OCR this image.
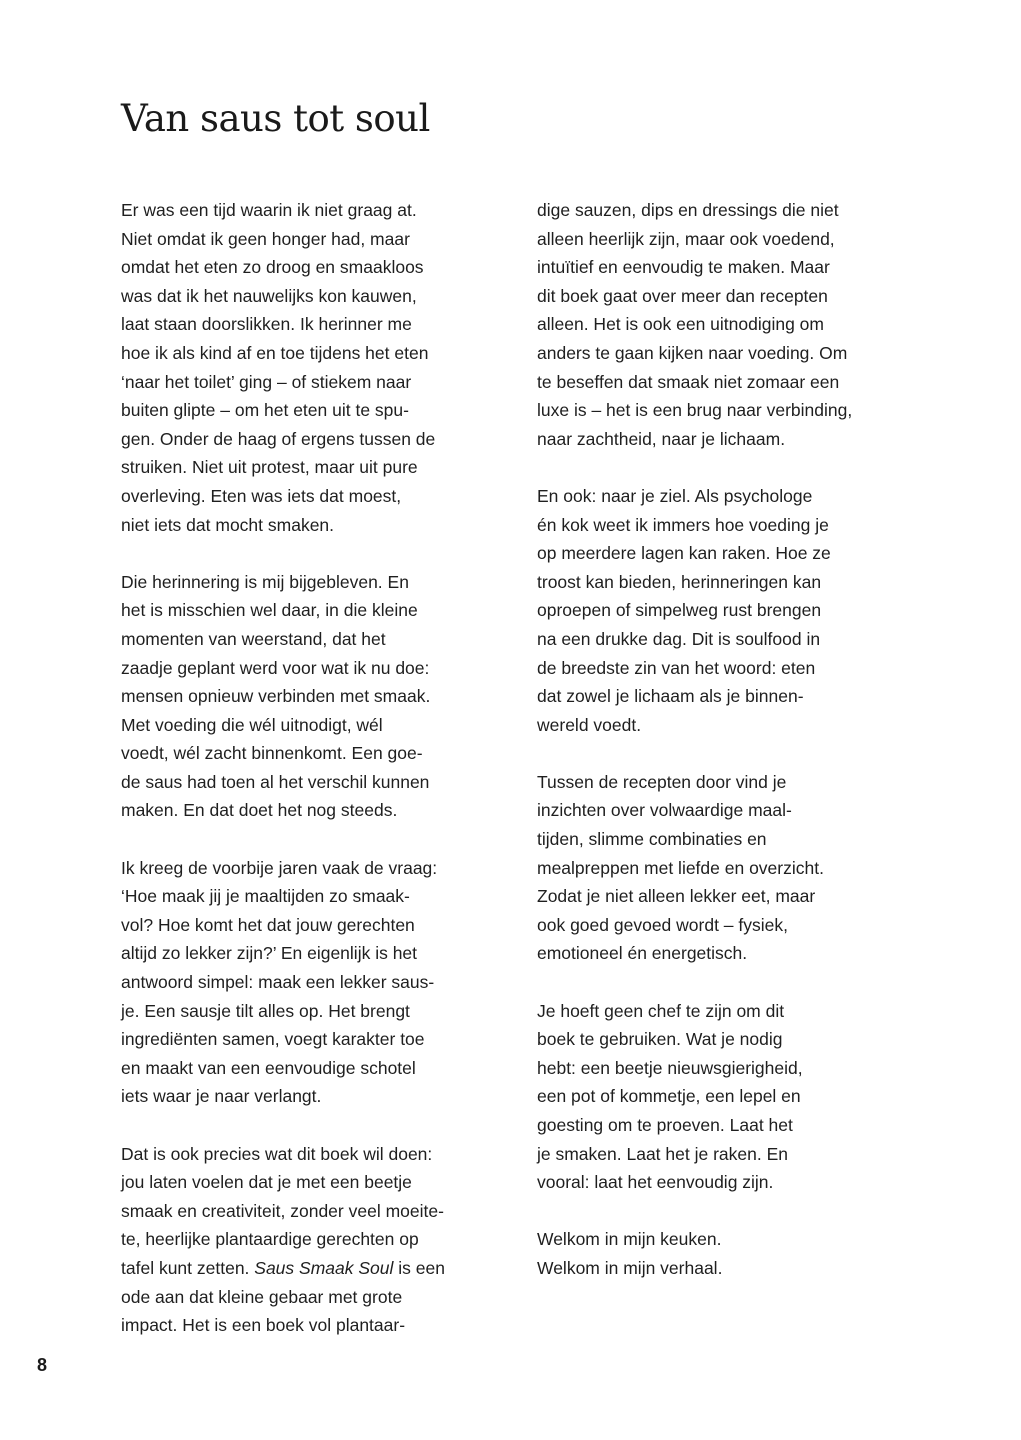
Van saus tot soul
Er was een tijd waarin ik niet graag at.
Niet omdat ik geen honger had, maar
omdat het eten zo droog en smaakloos
was dat ik het nauwelijks kon kauwen,
laat staan doorslikken. Ik herinner me
hoe ik als kind af en toe tijdens het eten
‘naar het toilet’ ging – of stiekem naar
buiten glipte – om het eten uit te spu-
gen. Onder de haag of ergens tussen de
struiken. Niet uit protest, maar uit pure
overleving. Eten was iets dat moest,
niet iets dat mocht smaken.
Die herinnering is mij bijgebleven. En
het is misschien wel daar, in die kleine
momenten van weerstand, dat het
zaadje geplant werd voor wat ik nu doe:
mensen opnieuw verbinden met smaak.
Met voeding die wél uitnodigt, wél
voedt, wél zacht binnenkomt. Een goe-
de saus had toen al het verschil kunnen
maken. En dat doet het nog steeds.
Ik kreeg de voorbije jaren vaak de vraag:
‘Hoe maak jij je maaltijden zo smaak-
vol? Hoe komt het dat jouw gerechten
altijd zo lekker zijn?’ En eigenlijk is het
antwoord simpel: maak een lekker saus-
je. Een sausje tilt alles op. Het brengt
ingrediënten samen, voegt karakter toe
en maakt van een eenvoudige schotel
iets waar je naar verlangt.
Dat is ook precies wat dit boek wil doen:
jou laten voelen dat je met een beetje
smaak en creativiteit, zonder veel moeite-
te, heerlijke plantaardige gerechten op
tafel kunt zetten. Saus Smaak Soul is een
ode aan dat kleine gebaar met grote
impact. Het is een boek vol plantaar-
dige sauzen, dips en dressings die niet
alleen heerlijk zijn, maar ook voedend,
intuïtief en eenvoudig te maken. Maar
dit boek gaat over meer dan recepten
alleen. Het is ook een uitnodiging om
anders te gaan kijken naar voeding. Om
te beseffen dat smaak niet zomaar een
luxe is – het is een brug naar verbinding,
naar zachtheid, naar je lichaam.
En ook: naar je ziel. Als psychologe
én kok weet ik immers hoe voeding je
op meerdere lagen kan raken. Hoe ze
troost kan bieden, herinneringen kan
oproepen of simpelweg rust brengen
na een drukke dag. Dit is soulfood in
de breedste zin van het woord: eten
dat zowel je lichaam als je binnen-
wereld voedt.
Tussen de recepten door vind je
inzichten over volwaardige maal-
tijden, slimme combinaties en
mealpreppen met liefde en overzicht.
Zodat je niet alleen lekker eet, maar
ook goed gevoed wordt – fysiek,
emotioneel én energetisch.
Je hoeft geen chef te zijn om dit
boek te gebruiken. Wat je nodig
hebt: een beetje nieuwsgierigheid,
een pot of kommetje, een lepel en
goesting om te proeven. Laat het
je smaken. Laat het je raken. En
vooral: laat het eenvoudig zijn.
Welkom in mijn keuken.
Welkom in mijn verhaal.
8
